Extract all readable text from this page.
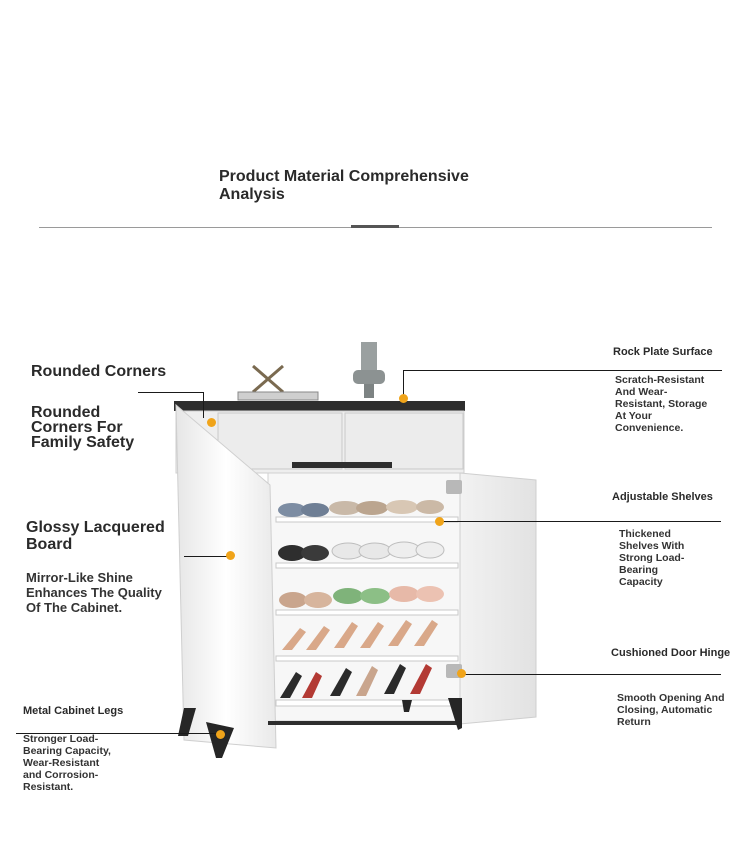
Product Material Comprehensive Analysis
Rounded Corners
Rounded Corners For Family Safety
Glossy Lacquered Board
Mirror-Like Shine Enhances The Quality Of The Cabinet.
Metal Cabinet Legs
Stronger Load-Bearing Capacity, Wear-Resistant and Corrosion-Resistant.
Rock Plate Surface
Scratch-Resistant And Wear-Resistant, Storage At Your Convenience.
Adjustable Shelves
Thickened Shelves With Strong Load-Bearing Capacity
Cushioned Door Hinge
Smooth Opening And Closing, Automatic Return
